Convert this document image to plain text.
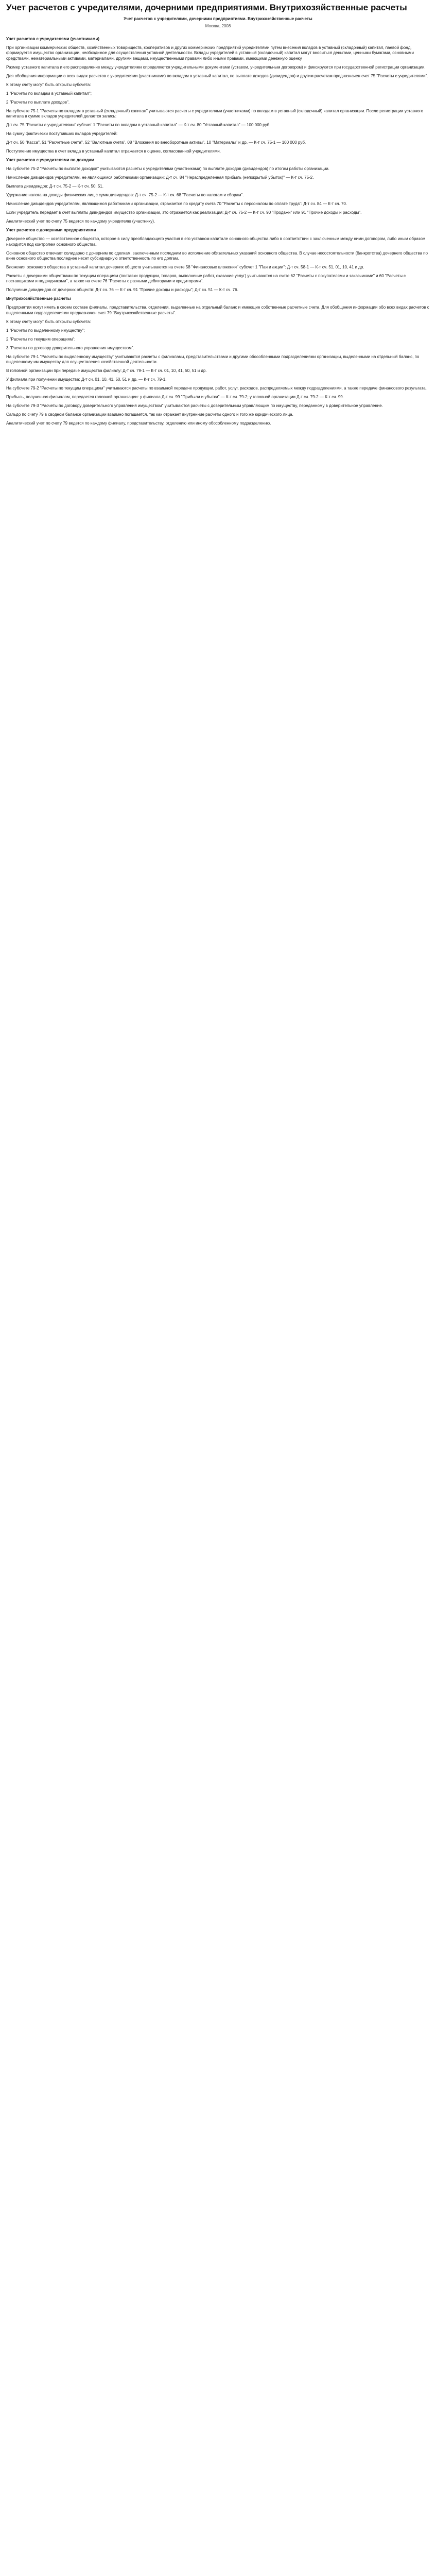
Учет расчетов с учредителями, дочерними предприятиями. Внутрихозяйственные расчеты
Учет расчетов с учредителями, дочерними предприятиями. Внутрихозяйственные расчеты
Москва, 2008
Учет расчетов с учредителями (участниками)

При организации коммерческих обществ, хозяйственных товариществ, кооперативов и других коммерческих предприятий учредителями путем внесения вкладов в уставный (складочный) капитал, паевой фонд, формируется имущество организации, необходимое для осуществления уставной деятельности. Вклады учредителей в уставный (складочный) капитал могут вноситься деньгами, ценными бумагами, основными средствами, нематериальными активами, материалами, другими вещами, имущественными правами либо иными правами, имеющими денежную оценку.

Размер уставного капитала и его распределение между учредителями определяются учредительными документами (уставом, учредительным договором) и фиксируются при государственной регистрации организации.

Для обобщения информации о всех видах расчетов с учредителями (участниками) по вкладам в уставный капитал, по выплате доходов (дивидендов) и другим расчетам предназначен счет 75 "Расчеты с учредителями".

К этому счету могут быть открыты субсчета:

1 "Расчеты по вкладам в уставный капитал";

2 "Расчеты по выплате доходов".

На субсчете 75-1 "Расчеты по вкладам в уставный (складочный) капитал" учитываются расчеты с учредителями (участниками) по вкладам в уставный (складочный) капитал организации. После регистрации уставного капитала в сумме вкладов учредителей делается запись:

Д-т сч. 75 "Расчеты с учредителями" субсчет 1 "Расчеты по вкладам в уставный капитал" — К-т сч. 80 "Уставный капитал" — 100 000 руб.

На сумму фактически поступивших вкладов учредителей:

Д-т сч. 50 "Касса", 51 "Расчетные счета", 52 "Валютные счета", 08 "Вложения во внеоборотные активы", 10 "Материалы" и др. — К-т сч. 75-1 — 100 000 руб.

Поступление имущества в счет вклада в уставный капитал отражается в оценке, согласованной учредителями.

Учет расчетов с учредителями по доходам

На субсчете 75-2 "Расчеты по выплате доходов" учитываются расчеты с учредителями (участниками) по выплате доходов (дивидендов) по итогам работы организации.

Начисление дивидендов учредителям, не являющимся работниками организации: Д-т сч. 84 "Нераспределенная прибыль (непокрытый убыток)" — К-т сч. 75-2.

Выплата дивидендов: Д-т сч. 75-2 — К-т сч. 50, 51.

Удержание налога на доходы физических лиц с сумм дивидендов: Д-т сч. 75-2 — К-т сч. 68 "Расчеты по налогам и сборам".

Начисление дивидендов учредителям, являющимся работниками организации, отражается по кредиту счета 70 "Расчеты с персоналом по оплате труда": Д-т сч. 84 — К-т сч. 70.

Если учредитель передает в счет выплаты дивидендов имущество организации, это отражается как реализация: Д-т сч. 75-2 — К-т сч. 90 "Продажи" или 91 "Прочие доходы и расходы".

Аналитический учет по счету 75 ведется по каждому учредителю (участнику).

Учет расчетов с дочерними предприятиями

Дочернее общество — хозяйственное общество, которое в силу преобладающего участия в его уставном капитале основного общества либо в соответствии с заключенным между ними договором, либо иным образом находится под контролем основного общества.

Основное общество отвечает солидарно с дочерним по сделкам, заключенным последним во исполнение обязательных указаний основного общества. В случае несостоятельности (банкротства) дочернего общества по вине основного общества последнее несет субсидиарную ответственность по его долгам.

Вложения основного общества в уставный капитал дочерних обществ учитываются на счете 58 "Финансовые вложения" субсчет 1 "Паи и акции": Д-т сч. 58-1 — К-т сч. 51, 01, 10, 41 и др.

Расчеты с дочерними обществами по текущим операциям (поставки продукции, товаров, выполнение работ, оказание услуг) учитываются на счете 62 "Расчеты с покупателями и заказчиками" и 60 "Расчеты с поставщиками и подрядчиками", а также на счете 76 "Расчеты с разными дебиторами и кредиторами".

Получение дивидендов от дочерних обществ: Д-т сч. 76 — К-т сч. 91 "Прочие доходы и расходы"; Д-т сч. 51 — К-т сч. 76.

Внутрихозяйственные расчеты

Предприятия могут иметь в своем составе филиалы, представительства, отделения, выделенные на отдельный баланс и имеющие собственные расчетные счета. Для обобщения информации обо всех видах расчетов с выделенными подразделениями предназначен счет 79 "Внутрихозяйственные расчеты".

К этому счету могут быть открыты субсчета:

1 "Расчеты по выделенному имуществу";

2 "Расчеты по текущим операциям";

3 "Расчеты по договору доверительного управления имуществом".

На субсчете 79-1 "Расчеты по выделенному имуществу" учитываются расчеты с филиалами, представительствами и другими обособленными подразделениями организации, выделенными на отдельный баланс, по выделенному им имуществу для осуществления хозяйственной деятельности.

В головной организации при передаче имущества филиалу: Д-т сч. 79-1 — К-т сч. 01, 10, 41, 50, 51 и др.

У филиала при получении имущества: Д-т сч. 01, 10, 41, 50, 51 и др. — К-т сч. 79-1.

На субсчете 79-2 "Расчеты по текущим операциям" учитываются расчеты по взаимной передаче продукции, работ, услуг, расходов, распределяемых между подразделениями, а также передаче финансового результата.

Прибыль, полученная филиалом, передается головной организации: у филиала Д-т сч. 99 "Прибыли и убытки" — К-т сч. 79-2; у головной организации Д-т сч. 79-2 — К-т сч. 99.

На субсчете 79-3 "Расчеты по договору доверительного управления имуществом" учитываются расчеты с доверительным управляющим по имуществу, переданному в доверительное управление.

Сальдо по счету 79 в сводном балансе организации взаимно погашается, так как отражает внутренние расчеты одного и того же юридического лица.

Аналитический учет по счету 79 ведется по каждому филиалу, представительству, отделению или иному обособленному подразделению.
